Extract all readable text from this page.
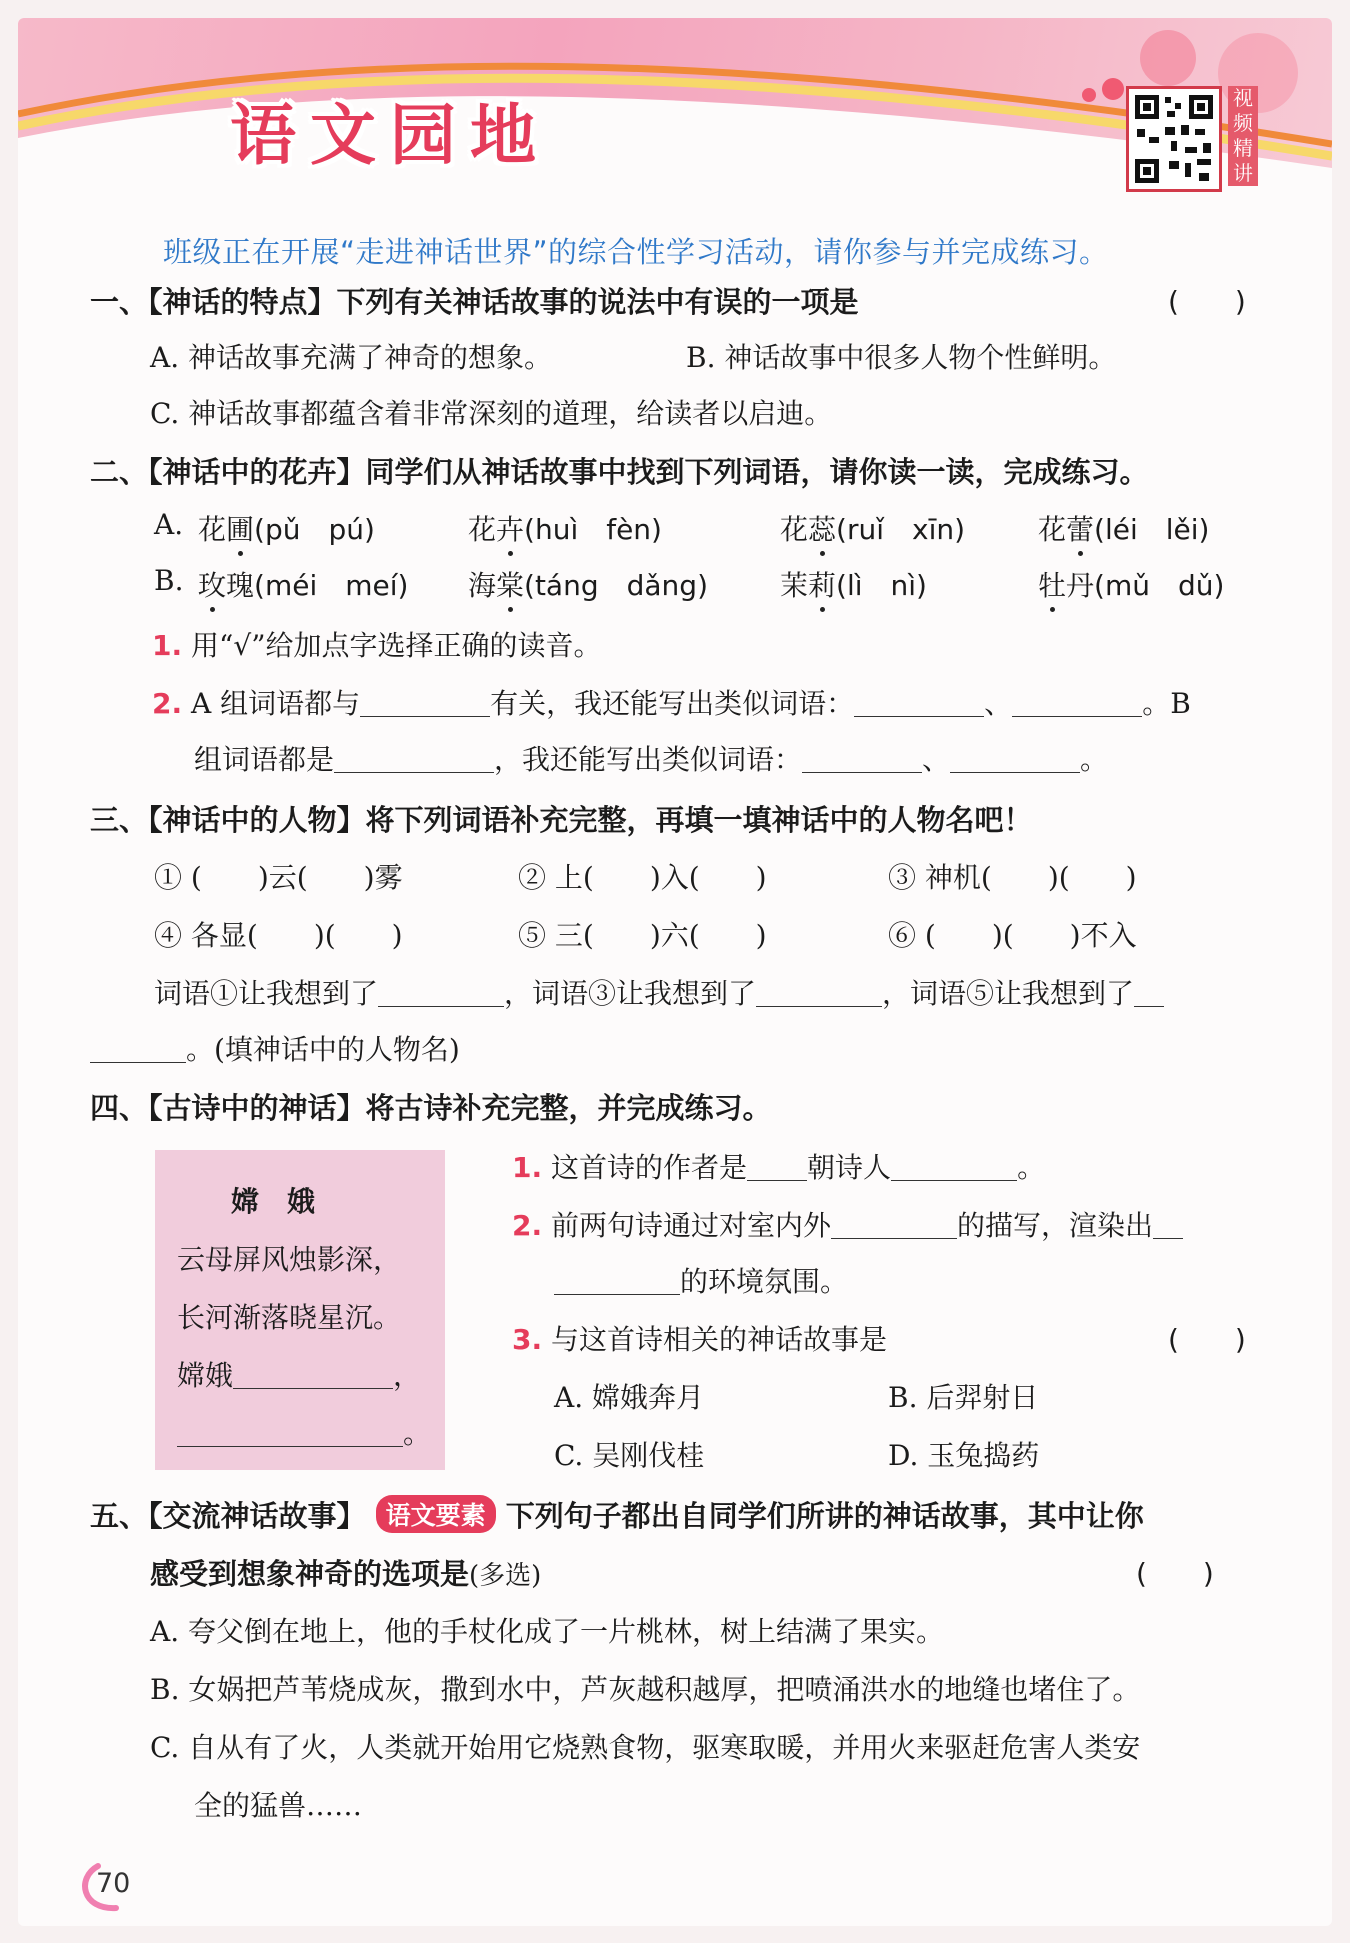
语文园地	视
频
精
讲
班级正在开展“走进神话世界”的综合性学习活动，请你参与并完成练习。
一、【神话的特点】下列有关神话故事的说法中有误的一项是	(　　)
A. 神话故事充满了神奇的想象。	B. 神话故事中很多人物个性鲜明。
C. 神话故事都蕴含着非常深刻的道理，给读者以启迪。
二、【神话中的花卉】同学们从神话故事中找到下列词语，请你读一读，完成练习。
A. 花圃(pǔ　pú)	花卉(huì　fèn)	花蕊(ruǐ　xīn)	花蕾(léi　lěi)
B. 玫瑰(méi　meí) 海棠(táng　dǎng)	茉莉(lì　nì)	牡丹(mǔ　dǔ)
1. 用“√”给加点字选择正确的读音。
2. A 组词语都与	有关，我还能写出类似词语：	、	。B
组词语都是	，我还能写出类似词语：	、	。
三、【神话中的人物】将下列词语补充完整，再填一填神话中的人物名吧！
① (　　)云(　　)雾	② 上(　　)入(　　)	③ 神机(　　)(　　)
④ 各显(　　)(　　)	⑤ 三(　　)六(　　)	⑥ (　　)(　　)不入
词语①让我想到了	，词语③让我想到了	，词语⑤让我想到了
。(填神话中的人物名)
四、【古诗中的神话】将古诗补充完整，并完成练习。
嫦　娥
云母屏风烛影深，
长河渐落晓星沉。
嫦娥	，
。
1. 这首诗的作者是 朝诗人	。
2. 前两句诗通过对室内外	的描写，渲染出
的环境氛围。
3. 与这首诗相关的神话故事是	(　　)
A. 嫦娥奔月	B. 后羿射日
C. 吴刚伐桂	D. 玉兔捣药
五、【交流神话故事】 语文要素 下列句子都出自同学们所讲的神话故事，其中让你
感受到想象神奇的选项是(多选)	(　　)
A. 夸父倒在地上，他的手杖化成了一片桃林，树上结满了果实。
B. 女娲把芦苇烧成灰，撒到水中，芦灰越积越厚，把喷涌洪水的地缝也堵住了。
C. 自从有了火，人类就开始用它烧熟食物，驱寒取暖，并用火来驱赶危害人类安
全的猛兽……
70
